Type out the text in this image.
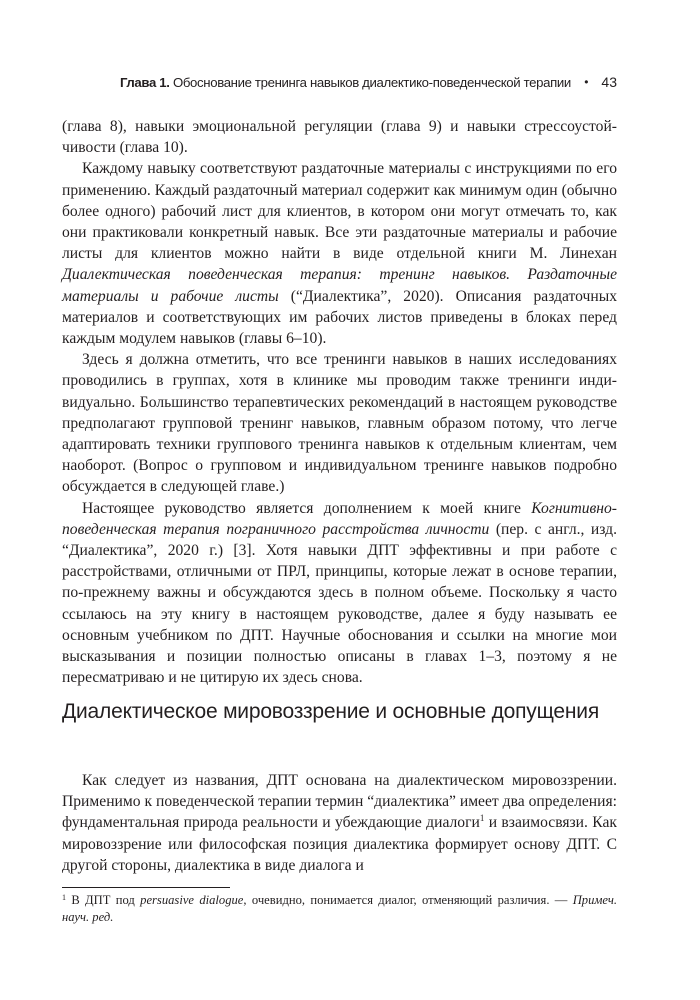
Глава 1. Обоснование тренинга навыков диалектико-поведенческой терапии • 43

(глава 8), навыки эмоциональной регуляции (глава 9) и навыки стрессоустойчивости (глава 10).

Каждому навыку соответствуют раздаточные материалы с инструкциями по его применению. Каждый раздаточный материал содержит как минимум один (обычно более одного) рабочий лист для клиентов, в котором они могут отмечать то, как они практиковали конкретный навык. Все эти раздаточные материалы и рабочие листы для клиентов можно найти в виде отдельной книги М. Линехан Диалектическая поведенческая терапия: тренинг навыков. Раздаточные материалы и рабочие листы (“Диалектика”, 2020). Описания раздаточных материалов и соответствующих им рабочих листов приведены в блоках перед каждым модулем навыков (главы 6–10).

Здесь я должна отметить, что все тренинги навыков в наших исследованиях проводились в группах, хотя в клинике мы проводим также тренинги индивидуально. Большинство терапевтических рекомендаций в настоящем руководстве предполагают групповой тренинг навыков, главным образом потому, что легче адаптировать техники группового тренинга навыков к отдельным клиентам, чем наоборот. (Вопрос о групповом и индивидуальном тренинге навыков подробно обсуждается в следующей главе.)

Настоящее руководство является дополнением к моей книге Когнитивно-поведенческая терапия пограничного расстройства личности (пер. с англ., изд. “Диалектика”, 2020 г.) [3]. Хотя навыки ДПТ эффективны и при работе с расстройствами, отличными от ПРЛ, принципы, которые лежат в основе терапии, по-прежнему важны и обсуждаются здесь в полном объеме. Поскольку я часто ссылаюсь на эту книгу в настоящем руководстве, далее я буду называть ее основным учебником по ДПТ. Научные обоснования и ссылки на многие мои высказывания и позиции полностью описаны в главах 1–3, поэтому я не пересматриваю и не цитирую их здесь снова.

Диалектическое мировоззрение и основные допущения

Как следует из названия, ДПТ основана на диалектическом мировоззрении. Применимо к поведенческой терапии термин “диалектика” имеет два определения: фундаментальная природа реальности и убеждающие диалоги$^1$ и взаимосвязи. Как мировоззрение или философская позиция диалектика формирует основу ДПТ. С другой стороны, диалектика в виде диалога и

$^1$ В ДПТ под persuasive dialogue, очевидно, понимается диалог, отменяющий различия. — Примеч. науч. ред.
